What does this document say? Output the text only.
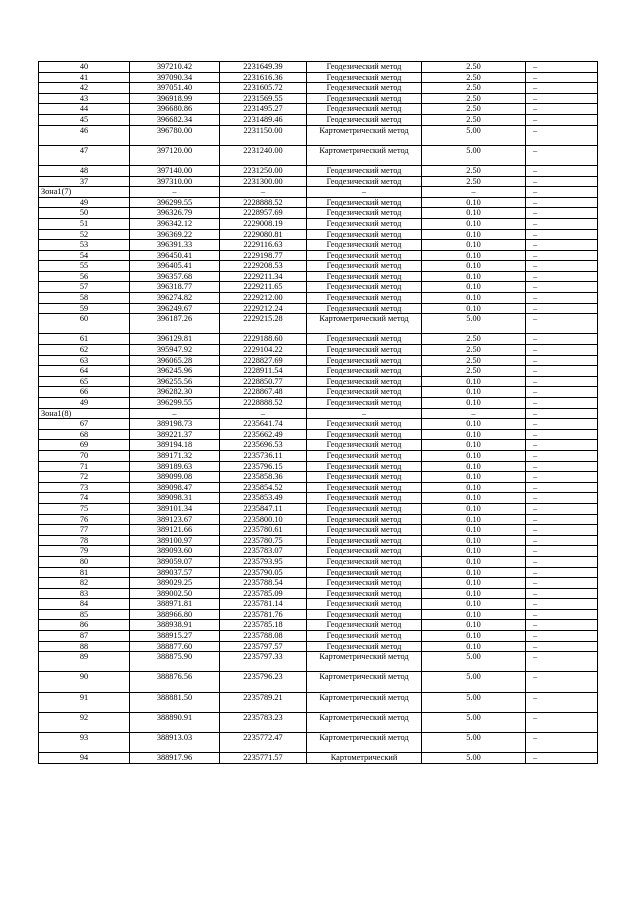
40	397210.42	2231649.39	Геодезический метод	2.50	–
41	397090.34	2231616.36	Геодезический метод	2.50	–
42	397051.40	2231605.72	Геодезический метод	2.50	–
43	396918.99	2231569.55	Геодезический метод	2.50	–
44	396680.86	2231495.27	Геодезический метод	2.50	–
45	396682.34	2231489.46	Геодезический метод	2.50	–
46	396780.00	2231150.00	Картометрический метод	5.00	–
47	397120.00	2231240.00	Картометрический метод	5.00	–
48	397140.00	2231250.00	Геодезический метод	2.50	–
37	397310.00	2231300.00	Геодезический метод	2.50	–
Зона1(7)	–	–	–	–	–
49	396299.55	2228888.52	Геодезический метод	0.10	–
50	396326.79	2228957.69	Геодезический метод	0.10	–
51	396342.12	2229008.19	Геодезический метод	0.10	–
52	396369.22	2229080.81	Геодезический метод	0.10	–
53	396391.33	2229116.63	Геодезический метод	0.10	–
54	396450.41	2229198.77	Геодезический метод	0.10	–
55	396405.41	2229208.53	Геодезический метод	0.10	–
56	396357.68	2229211.34	Геодезический метод	0.10	–
57	396318.77	2229211.65	Геодезический метод	0.10	–
58	396274.82	2229212.00	Геодезический метод	0.10	–
59	396249.67	2229212.24	Геодезический метод	0.10	–
60	396187.26	2229215.28	Картометрический метод	5.00	–
61	396129.81	2229188.60	Геодезический метод	2.50	–
62	395947.92	2229104.22	Геодезический метод	2.50	–
63	396065.28	2228827.69	Геодезический метод	2.50	–
64	396245.96	2228911.54	Геодезический метод	2.50	–
65	396255.56	2228850.77	Геодезический метод	0.10	–
66	396282.30	2228867.48	Геодезический метод	0.10	–
49	396299.55	2228888.52	Геодезический метод	0.10	–
Зона1(8)	–	–	–	–	–
67	389198.73	2235641.74	Геодезический метод	0.10	–
68	389221.37	2235662.49	Геодезический метод	0.10	–
69	389194.18	2235696.53	Геодезический метод	0.10	–
70	389171.32	2235736.11	Геодезический метод	0.10	–
71	389189.63	2235796.15	Геодезический метод	0.10	–
72	389099.08	2235858.36	Геодезический метод	0.10	–
73	389098.47	2235854.52	Геодезический метод	0.10	–
74	389098.31	2235853.49	Геодезический метод	0.10	–
75	389101.34	2235847.11	Геодезический метод	0.10	–
76	389123.67	2235800.10	Геодезический метод	0.10	–
77	389121.66	2235780.61	Геодезический метод	0.10	–
78	389100.97	2235780.75	Геодезический метод	0.10	–
79	389093.60	2235783.07	Геодезический метод	0.10	–
80	389059.07	2235793.95	Геодезический метод	0.10	–
81	389037.57	2235790.05	Геодезический метод	0.10	–
82	389029.25	2235788.54	Геодезический метод	0.10	–
83	389002.50	2235785.09	Геодезический метод	0.10	–
84	388971.81	2235781.14	Геодезический метод	0.10	–
85	388966.80	2235781.76	Геодезический метод	0.10	–
86	388938.91	2235785.18	Геодезический метод	0.10	–
87	388915.27	2235788.08	Геодезический метод	0.10	–
88	388877.60	2235797.57	Геодезический метод	0.10	–
89	388875.90	2235797.33	Картометрический метод	5.00	–
90	388876.56	2235796.23	Картометрический метод	5.00	–
91	388881.50	2235789.21	Картометрический метод	5.00	–
92	388890.91	2235783.23	Картометрический метод	5.00	–
93	388913.03	2235772.47	Картометрический метод	5.00	–
94	388917.96	2235771.57	Картометрический	5.00	–
